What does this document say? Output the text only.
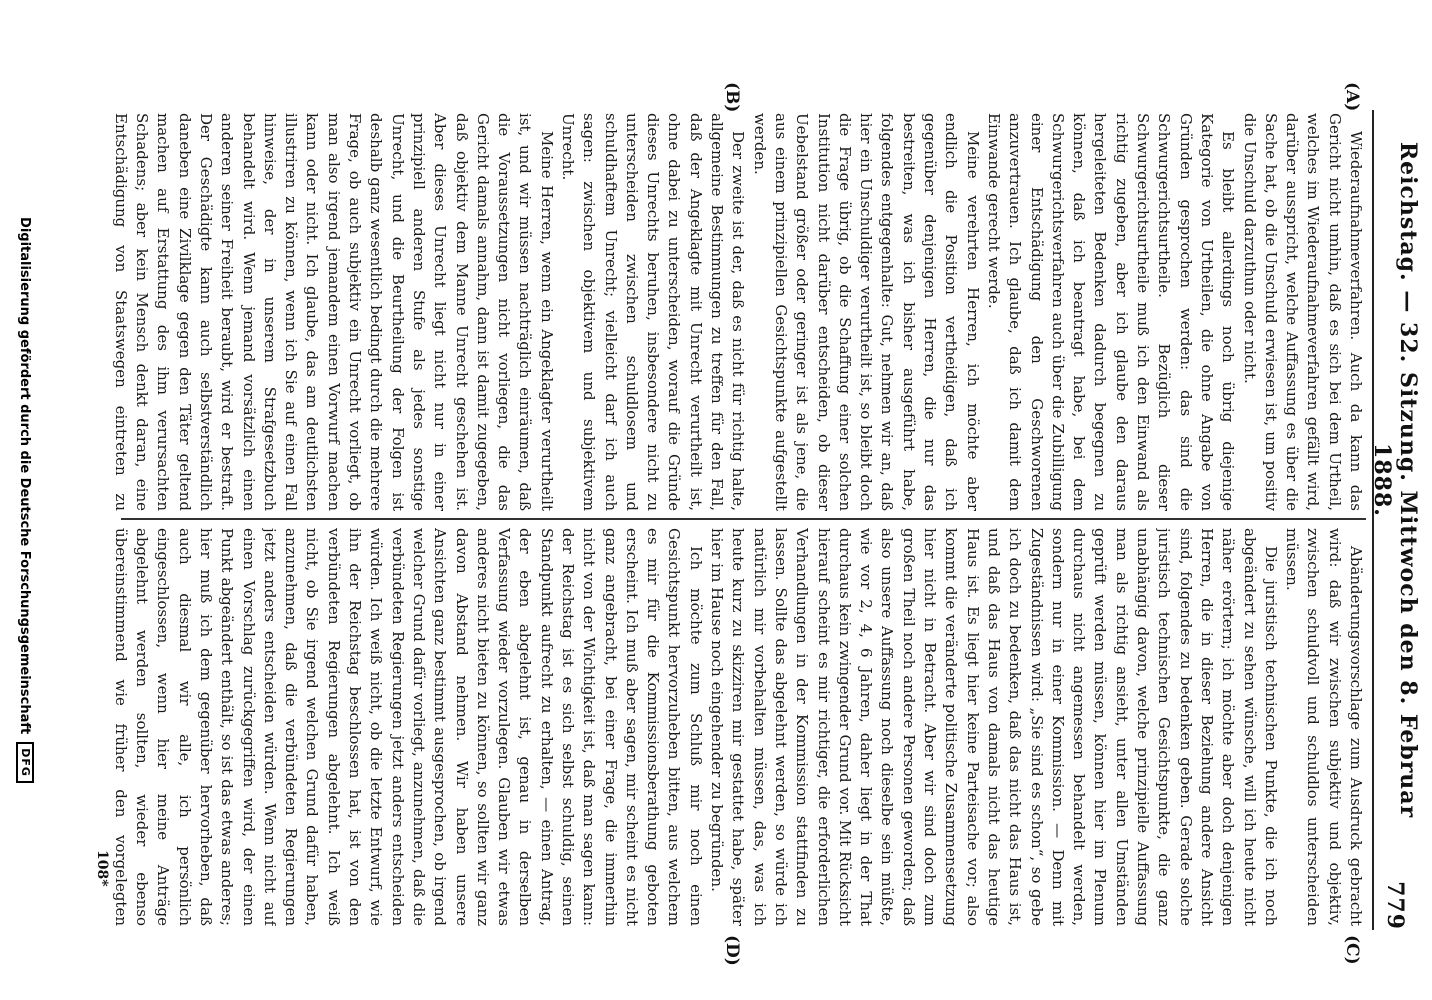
Reichstag. — 32. Sitzung. Mittwoch den 8. Februar 1888.
779
(A)
(B)
(C)
(D)

Wiederaufnahmeverfahren. Auch da kann das Gericht nicht umhin, daß es sich bei dem Urtheil, welches im Wiederaufnahmeverfahren gefällt wird, darüber ausspricht, welche Auffassung es über die Sache hat, ob die Unschuld erwiesen ist, um positiv die Unschuld darzuthun oder nicht.

Es bleibt allerdings noch übrig diejenige Kategorie von Urtheilen, die ohne Angabe von Gründen gesprochen werden: das sind die Schwurgerichtsurtheile. Bezüglich dieser Schwurgerichtsurtheile muß ich den Einwand als richtig zugeben, aber ich glaube den daraus hergeleiteten Bedenken dadurch begegnen zu können, daß ich beantragt habe, bei dem Schwurgerichtsverfahren auch über die Zubilligung einer Entschädigung den Geschworenen anzuvertrauen. Ich glaube, daß ich damit dem Einwande gerecht werde.

Meine verehrten Herren, ich möchte aber endlich die Position vertheidigen, daß ich gegenüber denjenigen Herren, die nur das bestreiten, was ich bisher ausgeführt habe, folgendes entgegenhalte: Gut, nehmen wir an, daß hier ein Unschuldiger verurtheilt ist, so bleibt doch die Frage übrig, ob die Schaffung einer solchen Institution nicht darüber entscheiden, ob dieser Uebelstand größer oder geringer ist als jene, die aus einem prinzipiellen Gesichtspunkte aufgestellt werden.

Der zweite ist der, daß es nicht für richtig halte, allgemeine Bestimmungen zu treffen für den Fall, daß der Angeklagte mit Unrecht verurtheilt ist, ohne dabei zu unterscheiden, worauf die Gründe dieses Unrechts beruhen, insbesondere nicht zu unterscheiden zwischen schuldlosem und schuldhaftem Unrecht; vielleicht darf ich auch sagen: zwischen objektivem und subjektivem Unrecht.

Meine Herren, wenn ein Angeklagter verurtheilt ist, und wir müssen nachträglich einräumen, daß die Voraussetzungen nicht vorliegen, die das Gericht damals annahm, dann ist damit zugegeben, daß objektiv dem Manne Unrecht geschehen ist. Aber dieses Unrecht liegt nicht nur in einer prinzipiell anderen Stufe als jedes sonstige Unrecht, und die Beurtheilung der Folgen ist deshalb ganz wesentlich bedingt durch die mehrere Frage, ob auch subjektiv ein Unrecht vorliegt, ob man also irgend jemandem einen Vorwurf machen kann oder nicht. Ich glaube, das am deutlichsten illustriren zu können, wenn ich Sie auf einen Fall hinweise, der in unserem Strafgesetzbuch behandelt wird. Wenn jemand vorsätzlich einen anderen seiner Freiheit beraubt, wird er bestraft. Der Geschädigte kann auch selbstverständlich daneben eine Zivilklage gegen den Täter geltend machen auf Erstattung des ihm verursachten Schadens; aber kein Mensch denkt daran, eine Entschädigung von Staatswegen eintreten zu

Abänderungsvorschlage zum Ausdruck gebracht wird: daß wir zwischen subjektiv und objektiv, zwischen schuldvoll und schuldlos unterscheiden müssen.

Die juristisch technischen Punkte, die ich noch abgeändert zu sehen wünsche, will ich heute nicht näher erörtern; ich möchte aber doch denjenigen Herren, die in dieser Beziehung andere Ansicht sind, folgendes zu bedenken geben. Gerade solche juristisch technischen Gesichtspunkte, die ganz unabhängig davon, welche prinzipielle Auffassung man als richtig ansieht, unter allen Umständen geprüft werden müssen, können hier im Plenum durchaus nicht angemessen behandelt werden, sondern nur in einer Kommission. — Denn mit Zugeständnissen wird: „Sie sind es schon“, so gebe ich doch zu bedenken, daß das nicht das Haus ist, und daß das Haus von damals nicht das heutige Haus ist. Es liegt hier keine Parteisache vor; also kommt die veränderte politische Zusammensetzung hier nicht in Betracht. Aber wir sind doch zum großen Theil noch andere Personen geworden; daß also unsere Auffassung noch dieselbe sein müßte, wie vor 2, 4, 6 Jahren, daher liegt in der That durchaus kein zwingender Grund vor. Mit Rücksicht hierauf scheint es mir richtiger, die erforderlichen Verhandlungen in der Kommission stattfinden zu lassen. Sollte das abgelehnt werden, so würde ich natürlich mir vorbehalten müssen, das, was ich heute kurz zu skizziren mir gestattet habe, später hier im Hause noch eingehender zu begründen.

Ich möchte zum Schluß mir noch einen Gesichtspunkt hervorzuheben bitten, aus welchem es mir für die Kommissionsberathung geboten erscheint. Ich muß aber sagen, mir scheint es nicht ganz angebracht, bei einer Frage, die immerhin nicht von der Wichtigkeit ist, daß man sagen kann: der Reichstag ist es sich selbst schuldig, seinen Standpunkt aufrecht zu erhalten, — einen Antrag, der eben abgelehnt ist, genau in derselben Verfassung wieder vorzulegen. Glauben wir etwas anderes nicht bieten zu können, so sollten wir ganz davon Abstand nehmen. Wir haben unsere Ansichten ganz bestimmt ausgesprochen, ob irgend welcher Grund dafür vorliegt, anzunehmen, daß die verbündeten Regierungen jetzt anders entscheiden würden. Ich weiß nicht, ob die letzte Entwurf, wie ihn der Reichstag beschlossen hat, ist von den verbündeten Regierungen abgelehnt. Ich weiß nicht, ob Sie irgend welchen Grund dafür haben, anzunehmen, daß die verbündeten Regierungen jetzt anders entscheiden würden. Wenn nicht auf einen Vorschlag zurückgegriffen wird, der einen Punkt abgeändert enthält, so ist das etwas anderes; hier muß ich dem gegenüber hervorheben, daß auch diesmal wir alle, ich persönlich eingeschlossen, wenn hier meine Anträge abgelehnt werden sollten, wieder ebenso übereinstimmend wie früher den vorgelegten

108*
Digitalisierung gefördert durch die Deutsche Forschungsgemeinschaft
DFG
